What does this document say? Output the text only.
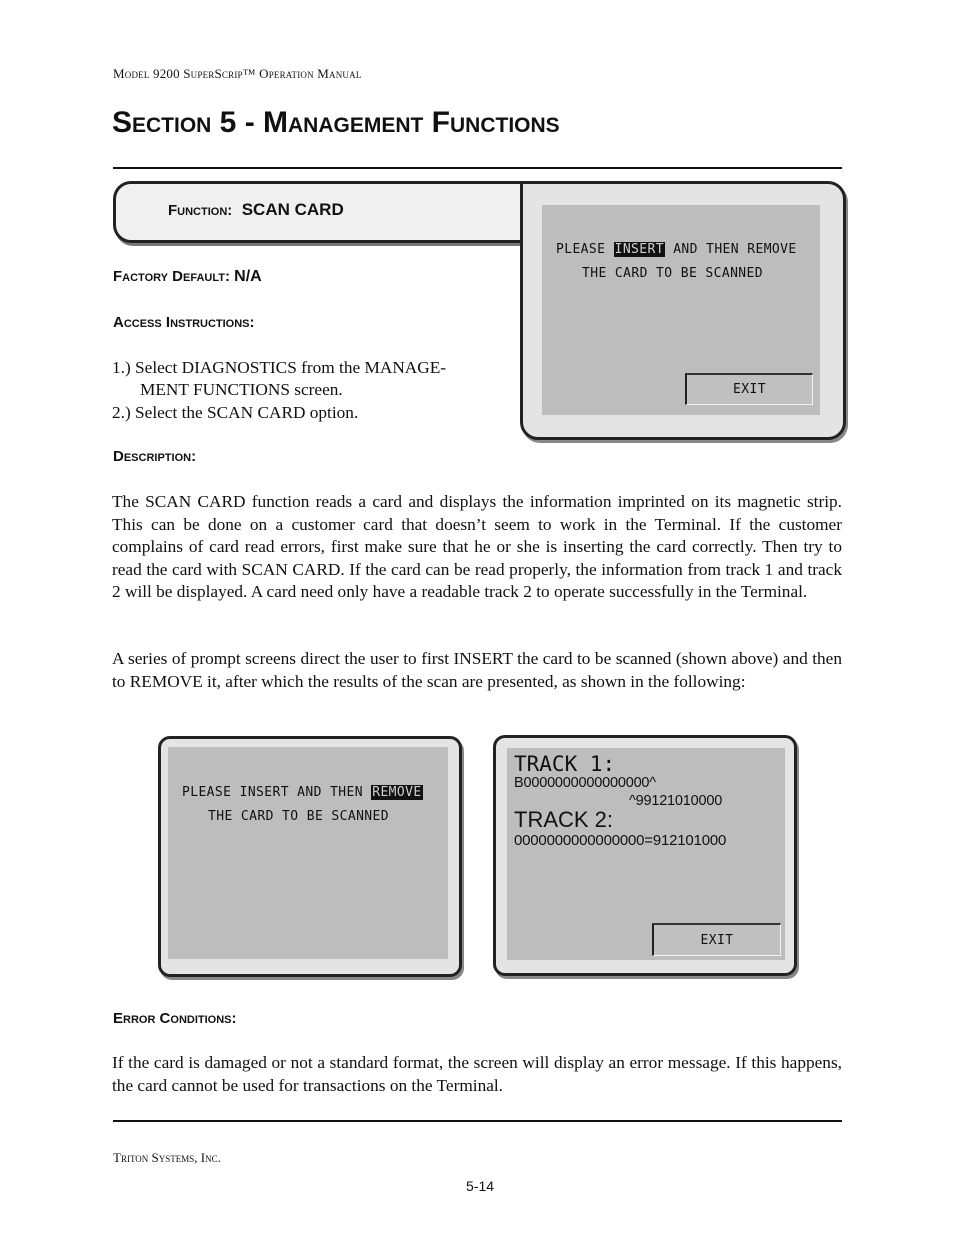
Model 9200 SuperScrip™ Operation Manual
Section 5 - Management Functions
Function: SCAN CARD
PLEASE INSERT AND THEN REMOVE
THE CARD TO BE SCANNED
EXIT
Factory Default: N/A
Access Instructions:
1.) Select DIAGNOSTICS from the MANAGE-
MENT FUNCTIONS screen.
2.) Select the SCAN CARD option.
Description:
The SCAN CARD function reads a card and displays the information imprinted on its magnetic strip. This can be done on a customer card that doesn’t seem to work in the Terminal. If the customer complains of card read errors, first make sure that he or she is inserting the card correctly. Then try to read the card with SCAN CARD. If the card can be read properly, the information from track 1 and track 2 will be displayed. A card need only have a readable track 2 to operate successfully in the Terminal.
A series of prompt screens direct the user to first INSERT the card to be scanned (shown above) and then to REMOVE it, after which the results of the scan are presented, as shown in the following:
PLEASE INSERT AND THEN REMOVE
THE CARD TO BE SCANNED
TRACK 1:
B0000000000000000^
^99121010000
TRACK 2:
0000000000000000=912101000
EXIT
Error Conditions:
If the card is damaged or not a standard format, the screen will display an error message. If this happens, the card cannot be used for transactions on the Terminal.
Triton Systems, Inc.
5-14
